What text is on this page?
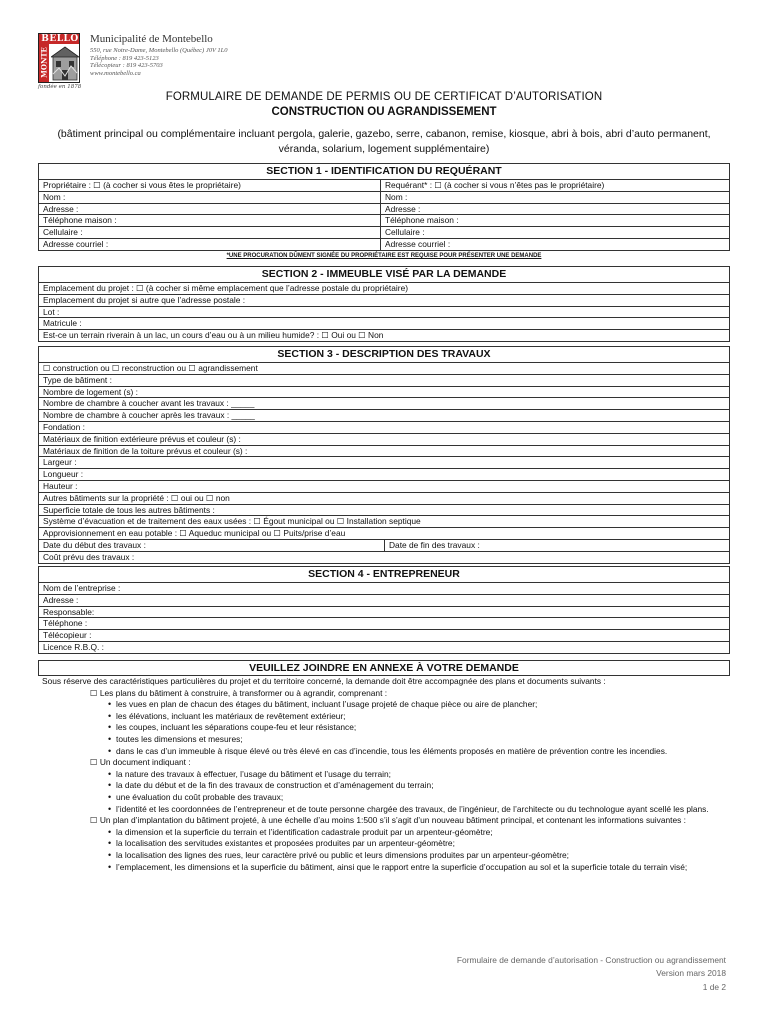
BELLO
MONTE
fondée en 1878
Municipalité de Montebello
550, rue Notre-Dame, Montebello (Québec) J0V 1L0
Téléphone : 819 423-5123
Télécopieur : 819 423-5703
www.montebello.ca
FORMULAIRE DE DEMANDE DE PERMIS OU DE CERTIFICAT D’AUTORISATION
CONSTRUCTION OU AGRANDISSEMENT
(bâtiment principal ou complémentaire incluant pergola, galerie, gazebo, serre, cabanon, remise, kiosque, abri à bois, abri d’auto permanent, véranda, solarium, logement supplémentaire)
SECTION 1 - IDENTIFICATION DU REQUÉRANT	
Propriétaire : ☐ (à cocher si vous êtes le propriétaire)	Requérant* : ☐ (à cocher si vous n’êtes pas le propriétaire)
Nom :	Nom :
Adresse :	Adresse :
Téléphone maison :	Téléphone maison :
Cellulaire :	Cellulaire :
Adresse courriel :	Adresse courriel :
*UNE PROCURATION DÛMENT SIGNÉE DU PROPRIÉTAIRE EST REQUISE POUR PRÉSENTER UNE DEMANDE	
SECTION 2 - IMMEUBLE VISÉ PAR LA DEMANDE
Emplacement du projet : ☐ (à cocher si même emplacement que l’adresse postale du propriétaire)
Emplacement du projet si autre que l’adresse postale :
Lot :
Matricule :
Est-ce un terrain riverain à un lac, un cours d’eau ou à un milieu humide? : ☐ Oui ou ☐ Non
SECTION 3 - DESCRIPTION DES TRAVAUX
☐ construction ou ☐ reconstruction ou ☐ agrandissement
Type de bâtiment :
Nombre de logement (s) :
Nombre de chambre à coucher avant les travaux : _____
Nombre de chambre à coucher après les travaux : _____
Fondation :
Matériaux de finition extérieure prévus et couleur (s) :
Matériaux de finition de la toiture prévus et couleur (s) :
Largeur :
Longueur :
Hauteur :
Autres bâtiments sur la propriété : ☐ oui ou ☐ non
Superficie totale de tous les autres bâtiments :
Système d’évacuation et de traitement des eaux usées : ☐ Égout municipal ou ☐ Installation septique
Approvisionnement en eau potable : ☐ Aqueduc municipal ou ☐ Puits/prise d’eau
Date du début des travaux :	Date de fin des travaux :
Coût prévu des travaux :
SECTION 4 - ENTREPRENEUR
Nom de l’entreprise :
Adresse :
Responsable:
Téléphone :
Télécopieur :
Licence R.B.Q. :
VEUILLEZ JOINDRE EN ANNEXE À VOTRE DEMANDE

Sous réserve des caractéristiques particulières du projet et du territoire concerné, la demande doit être accompagnée des plans et documents suivants :

☐ Les plans du bâtiment à construire, à transformer ou à agrandir, comprenant :

• les vues en plan de chacun des étages du bâtiment, incluant l’usage projeté de chaque pièce ou aire de plancher;

• les élévations, incluant les matériaux de revêtement extérieur;

• les coupes, incluant les séparations coupe-feu et leur résistance;

• toutes les dimensions et mesures;

• dans le cas d’un immeuble à risque élevé ou très élevé en cas d’incendie, tous les éléments proposés en matière de prévention contre les incendies.

☐ Un document indiquant :

• la nature des travaux à effectuer, l’usage du bâtiment et l’usage du terrain;

• la date du début et de la fin des travaux de construction et d’aménagement du terrain;

• une évaluation du coût probable des travaux;

• l’identité et les coordonnées de l’entrepreneur et de toute personne chargée des travaux, de l’ingénieur, de l’architecte ou du technologue ayant scellé les plans.

☐ Un plan d’implantation du bâtiment projeté, à une échelle d’au moins 1:500 s’il s’agit d’un nouveau bâtiment principal, et contenant les informations suivantes :

• la dimension et la superficie du terrain et l’identification cadastrale produit par un arpenteur-géomètre;

• la localisation des servitudes existantes et proposées produites par un arpenteur-géomètre;

• la localisation des lignes des rues, leur caractère privé ou public et leurs dimensions produites par un arpenteur-géomètre;

• l’emplacement, les dimensions et la superficie du bâtiment, ainsi que le rapport entre la superficie d’occupation au sol et la superficie totale du terrain visé;

Formulaire de demande d’autorisation - Construction ou agrandissement
Version mars 2018
1 de 2
